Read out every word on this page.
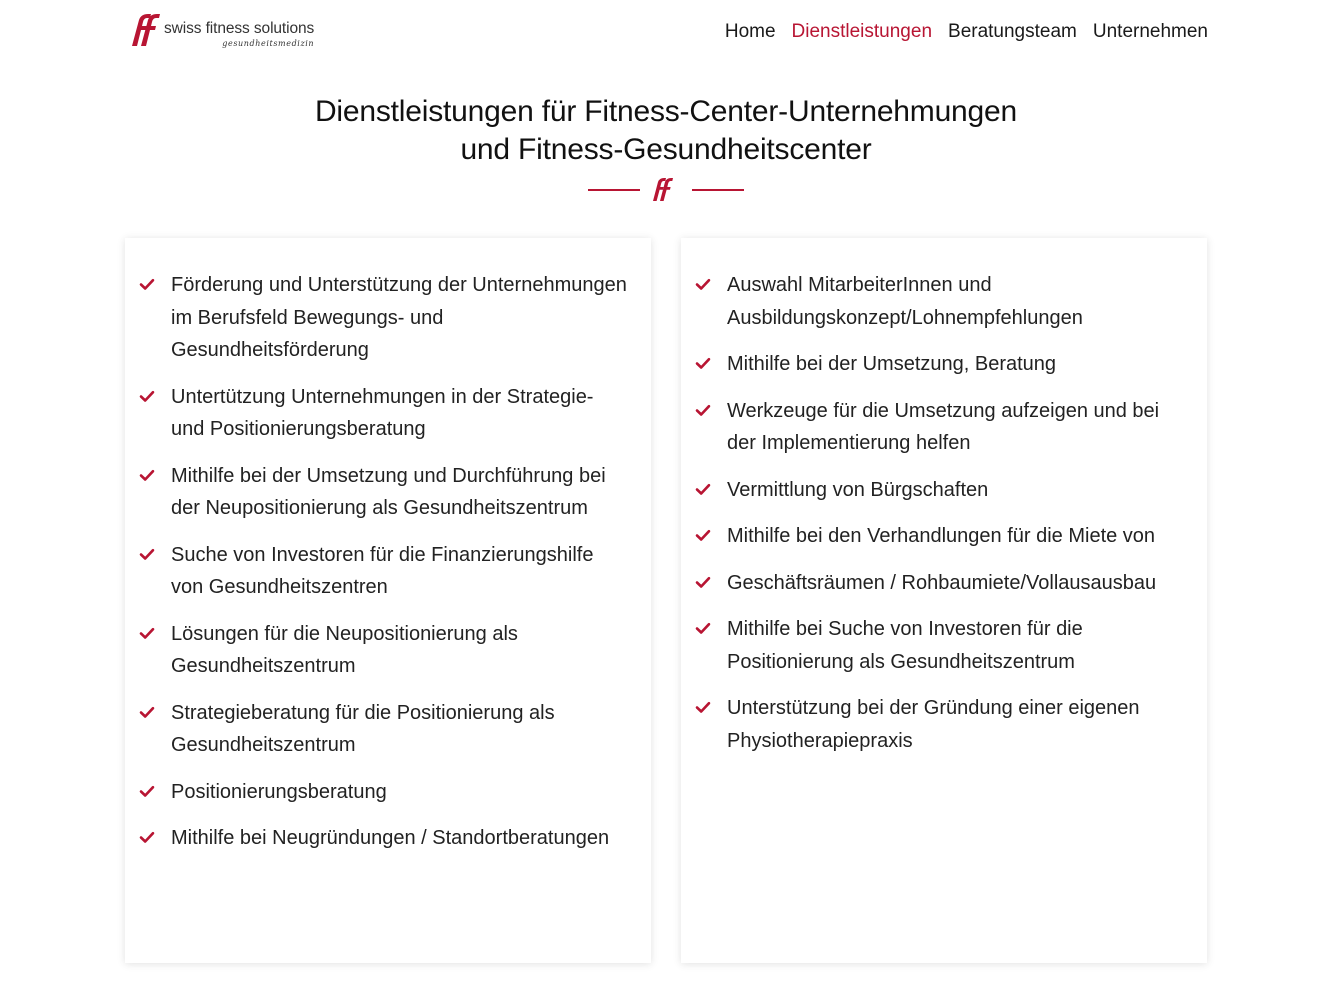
swiss fitness solutions
gesundheitsmedizin
Home Dienstleistungen Beratungsteam Unternehmen
Dienstleistungen für Fitness-Center-Unternehmungen
und Fitness-Gesundheitscenter
Förderung und Unterstützung der Unternehmungen im Berufsfeld Bewegungs- und Gesundheitsförderung
Untertützung Unternehmungen in der Strategie- und Positionierungsberatung
Mithilfe bei der Umsetzung und Durchführung bei der Neupositionierung als Gesundheitszentrum
Suche von Investoren für die Finanzierungshilfe von Gesundheitszentren
Lösungen für die Neupositionierung als Gesundheitszentrum
Strategieberatung für die Positionierung als Gesundheitszentrum
Positionierungsberatung
Mithilfe bei Neugründungen / Standortberatungen
Auswahl MitarbeiterInnen und Ausbildungskonzept/Lohnempfehlungen
Mithilfe bei der Umsetzung, Beratung
Werkzeuge für die Umsetzung aufzeigen und bei der Implementierung helfen
Vermittlung von Bürgschaften
Mithilfe bei den Verhandlungen für die Miete von
Geschäftsräumen / Rohbaumiete/Vollausausbau
Mithilfe bei Suche von Investoren für die Positionierung als Gesundheitszentrum
Unterstützung bei der Gründung einer eigenen Physiotherapiepraxis
